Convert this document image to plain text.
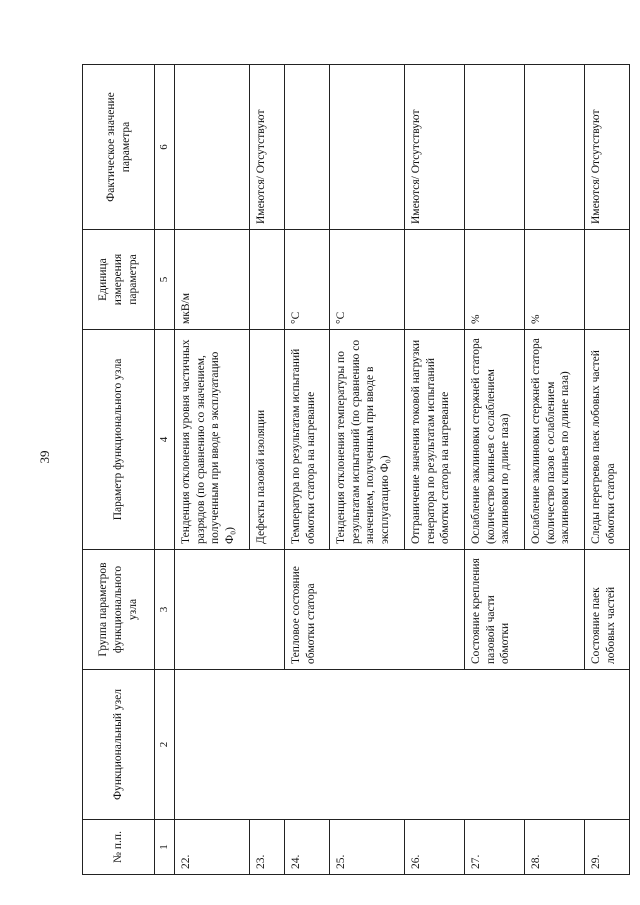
39
№ п.п.	Функциональный узел	Группа параметров функционального узла	Параметр функционального узла	Единица измерения параметра	Фактическое значение параметра
1	2	3	4	5	6
22.			Тенденция отклонения уровня частичных разрядов (по сравнению со значением, полученным при вводе в эксплуатацию Ф₀)	мкВ/м	
23.			Дефекты пазовой изоляции		Имеются/ Отсутствуют
24.		Тепловое состояние обмотки статора	Температура по результатам испытаний обмотки статора на нагревание	°C	
25.			Тенденция отклонения температуры по результатам испытаний (по сравнению со значением, полученным при вводе в эксплуатацию Ф₀)	°C	
26.			Отграничение значения токовой нагрузки генератора по результатам испытаний обмотки статора на нагревание		Имеются/ Отсутствуют
27.		Состояние крепления пазовой части обмотки	Ослабление заклиновки стержней статора (количество клиньев с ослаблением заклиновки по длине паза)	%	
28.			Ослабление заклиновки стержней статора (количество пазов с ослаблением заклиновки клиньев по длине паза)	%	
29.		Состояние паек лобовых частей	Следы перегревов паек лобовых частей обмотки статора		Имеются/ Отсутствуют
